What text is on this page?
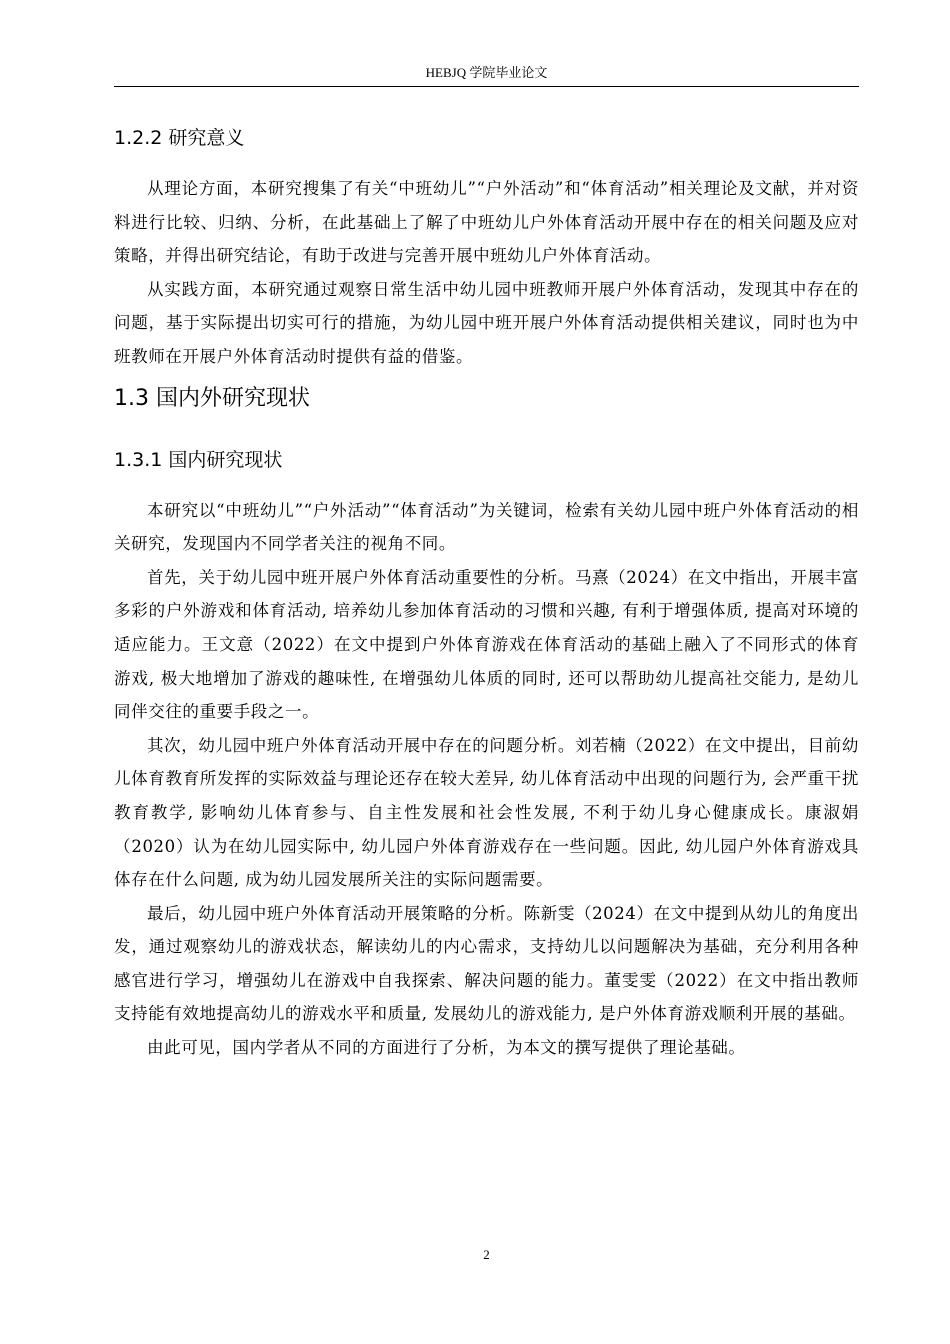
HEBJQ 学院毕业论文
1.2.2 研究意义

从理论方面，本研究搜集了有关“中班幼儿”“户外活动”和“体育活动”相关理论及文献，并对资料进行比较、归纳、分析，在此基础上了解了中班幼儿户外体育活动开展中存在的相关问题及应对策略，并得出研究结论，有助于改进与完善开展中班幼儿户外体育活动。

从实践方面，本研究通过观察日常生活中幼儿园中班教师开展户外体育活动，发现其中存在的问题，基于实际提出切实可行的措施，为幼儿园中班开展户外体育活动提供相关建议，同时也为中班教师在开展户外体育活动时提供有益的借鉴。

1.3 国内外研究现状
1.3.1 国内研究现状

本研究以“中班幼儿”“户外活动”“体育活动”为关键词，检索有关幼儿园中班户外体育活动的相关研究，发现国内不同学者关注的视角不同。

首先，关于幼儿园中班开展户外体育活动重要性的分析。马熹（2024）在文中指出，开展丰富多彩的户外游戏和体育活动, 培养幼儿参加体育活动的习惯和兴趣, 有利于增强体质, 提高对环境的适应能力。王文意（2022）在文中提到户外体育游戏在体育活动的基础上融入了不同形式的体育游戏, 极大地增加了游戏的趣味性, 在增强幼儿体质的同时, 还可以帮助幼儿提高社交能力, 是幼儿同伴交往的重要手段之一。

其次，幼儿园中班户外体育活动开展中存在的问题分析。刘若楠（2022）在文中提出，目前幼儿体育教育所发挥的实际效益与理论还存在较大差异, 幼儿体育活动中出现的问题行为, 会严重干扰教育教学, 影响幼儿体育参与、自主性发展和社会性发展, 不利于幼儿身心健康成长。康淑娟（2020）认为在幼儿园实际中, 幼儿园户外体育游戏存在一些问题。因此, 幼儿园户外体育游戏具体存在什么问题, 成为幼儿园发展所关注的实际问题需要。

最后，幼儿园中班户外体育活动开展策略的分析。陈新雯（2024）在文中提到从幼儿的角度出发，通过观察幼儿的游戏状态，解读幼儿的内心需求，支持幼儿以问题解决为基础，充分利用各种感官进行学习，增强幼儿在游戏中自我探索、解决问题的能力。董雯雯（2022）在文中指出教师支持能有效地提高幼儿的游戏水平和质量, 发展幼儿的游戏能力, 是户外体育游戏顺利开展的基础。

由此可见，国内学者从不同的方面进行了分析，为本文的撰写提供了理论基础。

2
